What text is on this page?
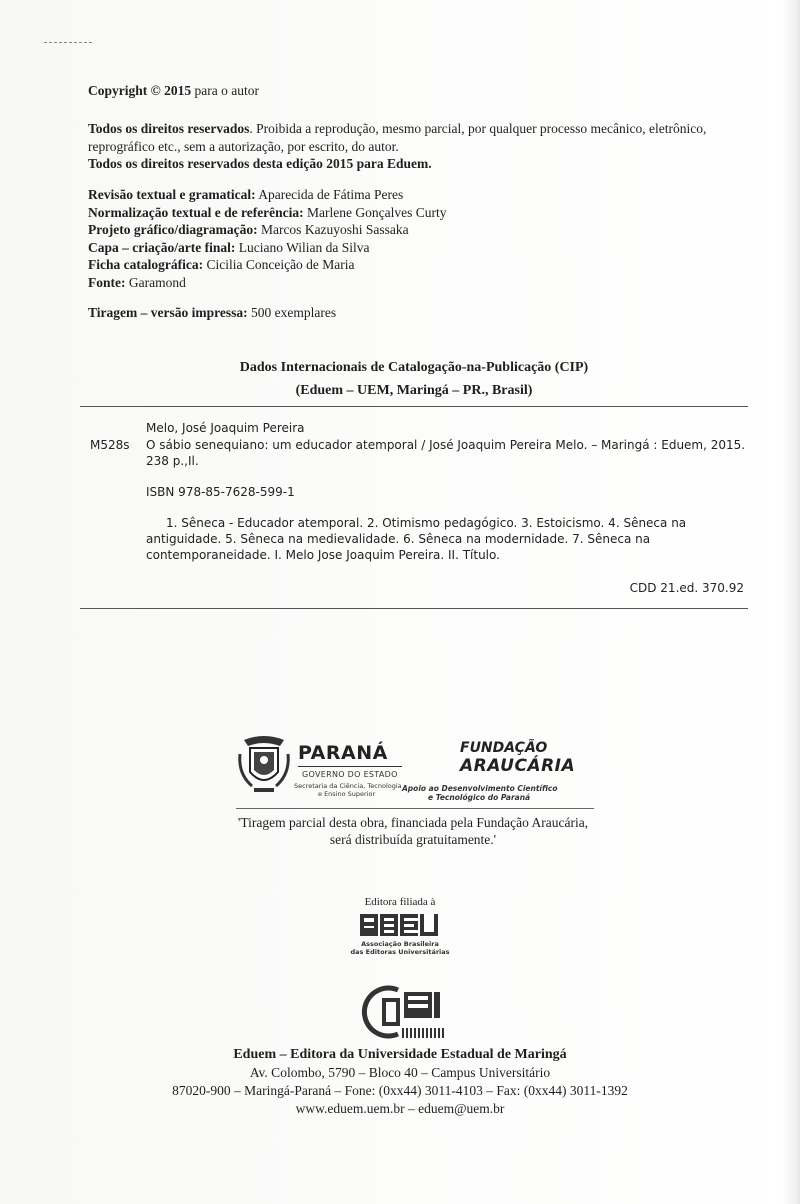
Copyright © 2015 para o autor

Todos os direitos reservados. Proibida a reprodução, mesmo parcial, por qualquer processo mecânico, eletrônico, reprográfico etc., sem a autorização, por escrito, do autor.

Todos os direitos reservados desta edição 2015 para Eduem.

Revisão textual e gramatical: Aparecida de Fátima Peres

Normalização textual e de referência: Marlene Gonçalves Curty

Projeto gráfico/diagramação: Marcos Kazuyoshi Sassaka

Capa – criação/arte final: Luciano Wilian da Silva

Ficha catalográfica: Cicilia Conceição de Maria

Fonte: Garamond

Tiragem – versão impressa: 500 exemplares

Dados Internacionais de Catalogação-na-Publicação (CIP)
(Eduem – UEM, Maringá – PR., Brasil)
Melo, José Joaquim Pereira
M528s	O sábio senequiano: um educador atemporal / José Joaquim Pereira Melo. – Maringá : Eduem, 2015.
238 p.,Il.
ISBN 978-85-7628-599-1
1. Sêneca - Educador atemporal. 2. Otimismo pedagógico. 3. Estoicismo. 4. Sêneca na antiguidade. 5. Sêneca na medievalidade. 6. Sêneca na modernidade. 7. Sêneca na contemporaneidade. I. Melo Jose Joaquim Pereira. II. Título.
CDD 21.ed. 370.92
PARANÁ
GOVERNO DO ESTADO
Secretaria da Ciência, Tecnologia
e Ensino Superior
FUNDAÇÃO
ARAUCÁRIA
Apoio ao Desenvolvimento Científico
e Tecnológico do Paraná
'Tiragem parcial desta obra, financiada pela Fundação Araucária,
será distribuída gratuitamente.'
Editora filiada à
Associação Brasileira
das Editoras Universitárias
Eduem – Editora da Universidade Estadual de Maringá
Av. Colombo, 5790 – Bloco 40 – Campus Universitário
87020-900 – Maringá-Paraná – Fone: (0xx44) 3011-4103 – Fax: (0xx44) 3011-1392
www.eduem.uem.br – eduem@uem.br
